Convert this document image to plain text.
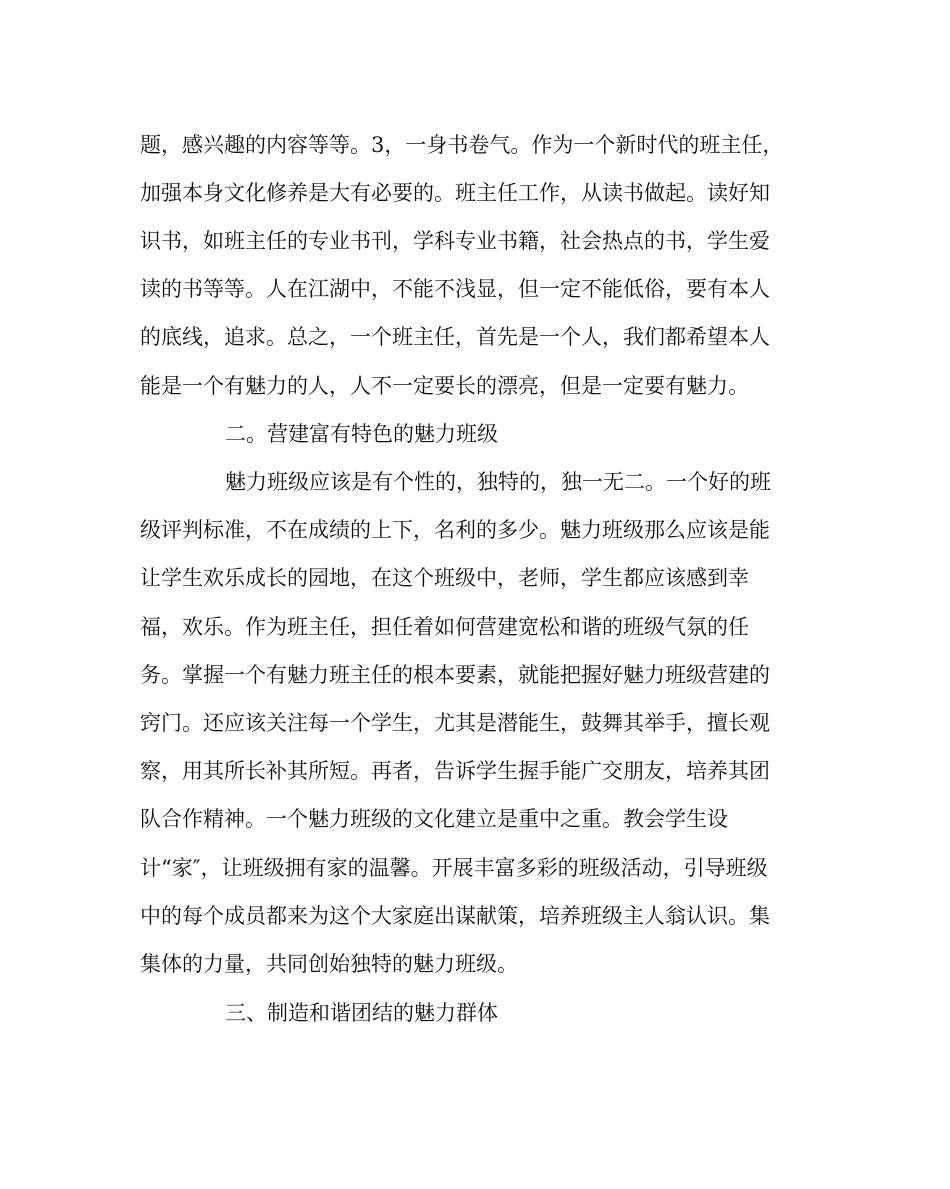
题，感兴趣的内容等等。3，一身书卷气。作为一个新时代的班主任，

加强本身文化修养是大有必要的。班主任工作，从读书做起。读好知

识书，如班主任的专业书刊，学科专业书籍，社会热点的书，学生爱

读的书等等。人在江湖中，不能不浅显，但一定不能低俗，要有本人

的底线，追求。总之，一个班主任，首先是一个人，我们都希望本人

能是一个有魅力的人，人不一定要长的漂亮，但是一定要有魅力。

二。营建富有特色的魅力班级

魅力班级应该是有个性的，独特的，独一无二。一个好的班

级评判标准，不在成绩的上下，名利的多少。魅力班级那么应该是能

让学生欢乐成长的园地，在这个班级中，老师，学生都应该感到幸

福，欢乐。作为班主任，担任着如何营建宽松和谐的班级气氛的任

务。掌握一个有魅力班主任的根本要素，就能把握好魅力班级营建的

窍门。还应该关注每一个学生，尤其是潜能生，鼓舞其举手，擅长观

察，用其所长补其所短。再者，告诉学生握手能广交朋友，培养其团

队合作精神。一个魅力班级的文化建立是重中之重。教会学生设

计“家″，让班级拥有家的温馨。开展丰富多彩的班级活动，引导班级

中的每个成员都来为这个大家庭出谋献策，培养班级主人翁认识。集

集体的力量，共同创始独特的魅力班级。

三、制造和谐团结的魅力群体
